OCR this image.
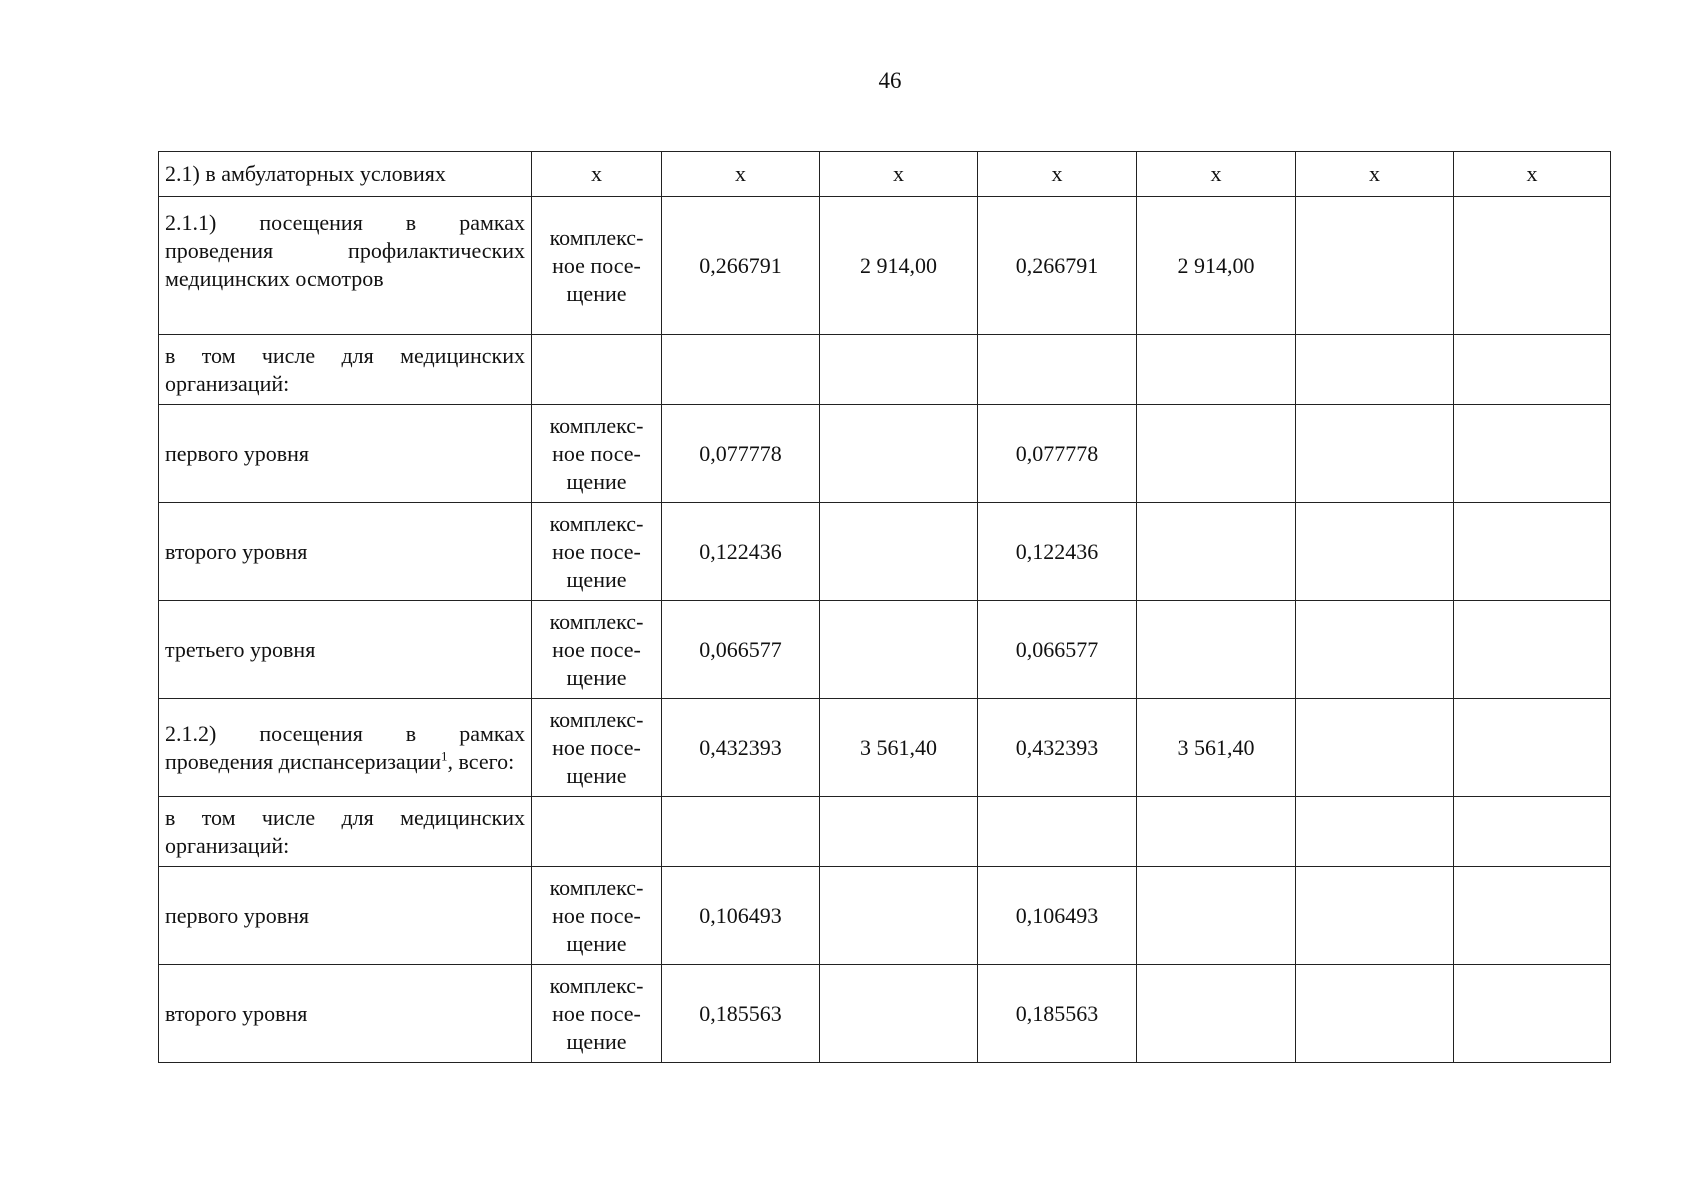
46
2.1) в амбулаторных условиях	х	х	х	х	х	х	х

2.1.1) посещения в рамках проведения профилактических медицинских осмотров	комплекс-
ное посе-
щение	0,266791	2 914,00	0,266791	2 914,00		

в том числе для медицинских организаций:							

первого уровня	комплекс-
ное посе-
щение	0,077778		0,077778			

второго уровня	комплекс-
ное посе-
щение	0,122436		0,122436			

третьего уровня	комплекс-
ное посе-
щение	0,066577		0,066577			

2.1.2) посещения в рамках проведения диспансеризации$^1$, всего:	комплекс-
ное посе-
щение	0,432393	3 561,40	0,432393	3 561,40		

в том числе для медицинских организаций:							

первого уровня	комплекс-
ное посе-
щение	0,106493		0,106493			

второго уровня	комплекс-
ное посе-
щение	0,185563		0,185563			
